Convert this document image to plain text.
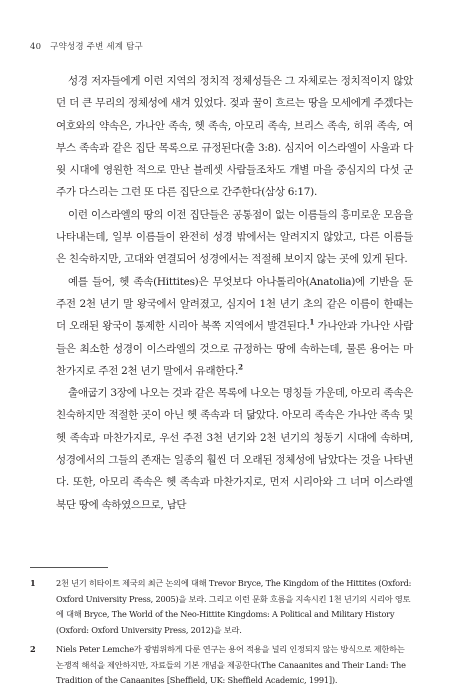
40 구약성경 주변 세계 탐구

성경 저자들에게 이런 지역의 정치적 정체성들은 그 자체로는 정치적이지 않았던 더 큰 무리의 정체성에 새겨 있었다. 젖과 꿀이 흐르는 땅을 모세에게 주겠다는 여호와의 약속은, 가나안 족속, 헷 족속, 아모리 족속, 브리스 족속, 히위 족속, 여부스 족속과 같은 집단 목록으로 규정된다(출 3:8). 심지어 이스라엘이 사울과 다윗 시대에 영원한 적으로 만난 블레셋 사람들조차도 개별 마을 중심지의 다섯 군주가 다스리는 그런 또 다른 집단으로 간주한다(삼상 6:17).

이런 이스라엘의 땅의 이전 집단들은 공통점이 없는 이름들의 흥미로운 모음을 나타내는데, 일부 이름들이 완전히 성경 밖에서는 알려지지 않았고, 다른 이름들은 친숙하지만, 고대와 연결되어 성경에서는 적절해 보이지 않는 곳에 있게 된다.

예를 들어, 헷 족속(Hittites)은 무엇보다 아나톨리아(Anatolia)에 기반을 둔 주전 2천 년기 말 왕국에서 알려졌고, 심지어 1천 년기 초의 같은 이름이 한때는 더 오래된 왕국이 통제한 시리아 북쪽 지역에서 발견된다.$^1$ 가나안과 가나안 사람들은 최소한 성경이 이스라엘의 것으로 규정하는 땅에 속하는데, 물론 용어는 마찬가지로 주전 2천 년기 말에서 유래한다.$^2$

출애굽기 3장에 나오는 것과 같은 목록에 나오는 명칭들 가운데, 아모리 족속은 친숙하지만 적절한 곳이 아닌 헷 족속과 더 닮았다. 아모리 족속은 가나안 족속 및 헷 족속과 마찬가지로, 우선 주전 3천 년기와 2천 년기의 청동기 시대에 속하며, 성경에서의 그들의 존재는 일종의 훨씬 더 오래된 정체성에 남았다는 것을 나타낸다. 또한, 아모리 족속은 헷 족속과 마찬가지로, 먼저 시리아와 그 너머 이스라엘 북단 땅에 속하였으므로, 남단

1	2천 년기 히타이트 제국의 최근 논의에 대해 Trevor Bryce, The Kingdom of the Hittites (Oxford: Oxford University Press, 2005)을 보라. 그리고 이런 문화 흐름을 지속시킨 1천 년기의 시리아 영토에 대해 Bryce, The World of the Neo-Hittite Kingdoms: A Political and Military History (Oxford: Oxford University Press, 2012)을 보라.

2	Niels Peter Lemche가 광범위하게 다룬 연구는 용어 적용을 널리 인정되지 않는 방식으로 제한하는 논쟁적 해석을 제안하지만, 자료들의 기본 개념을 제공한다(The Canaanites and Their Land: The Tradition of the Canaanites [Sheffield, UK: Sheffield Academic, 1991]).
